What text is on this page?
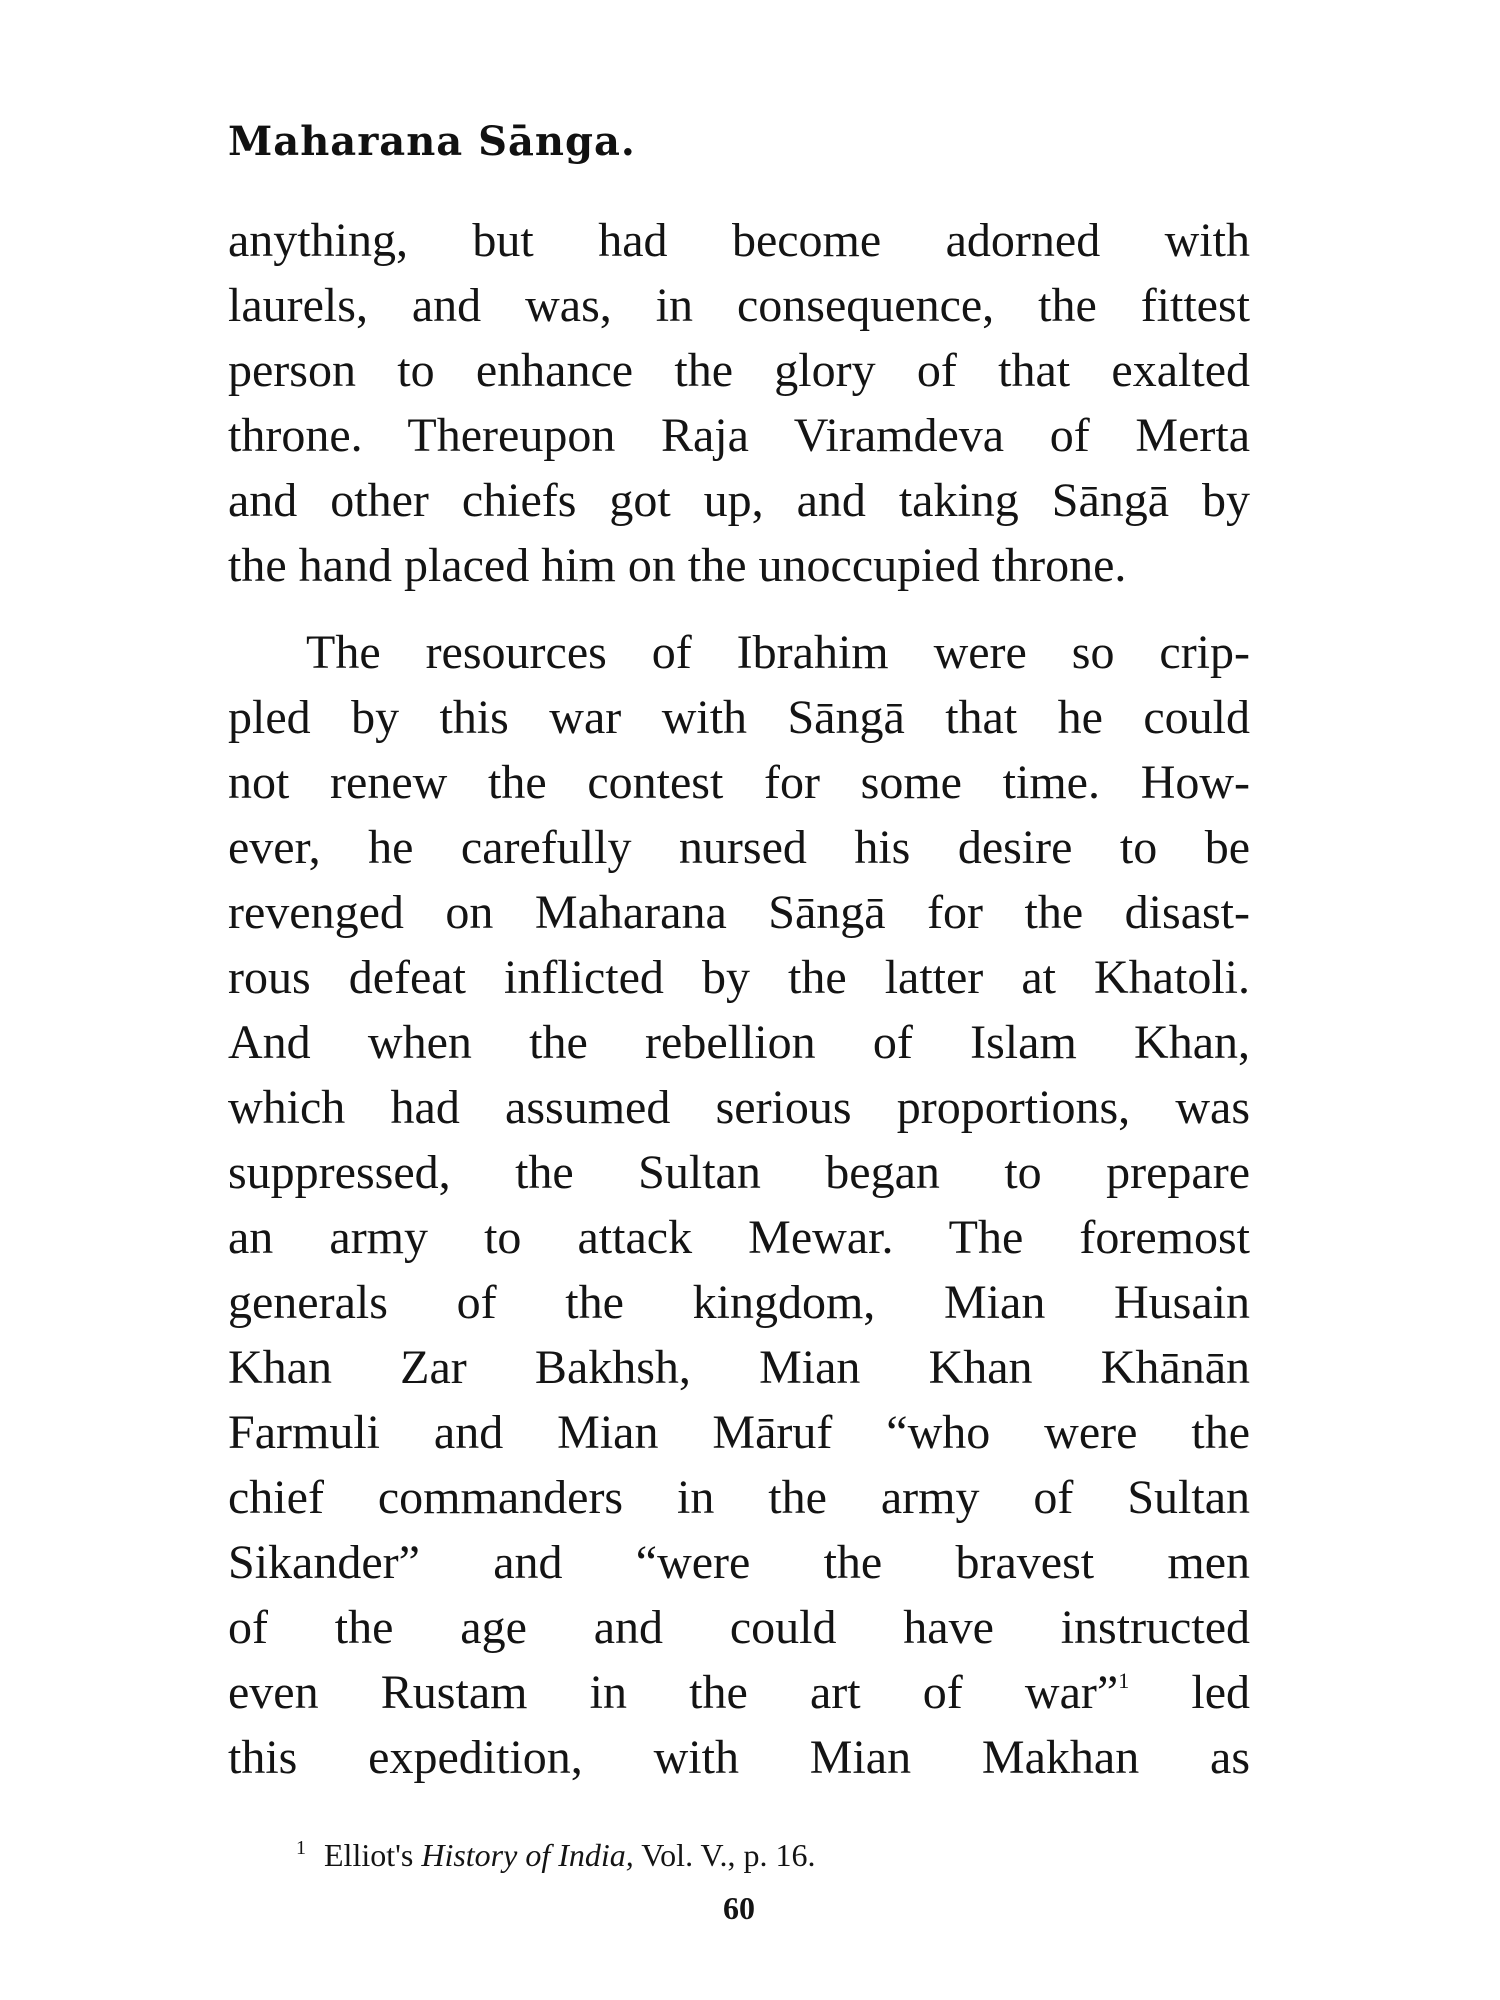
Maharana Sānga.
anything, but had become adorned with
laurels, and was, in consequence, the fittest
person to enhance the glory of that exalted
throne. Thereupon Raja Viramdeva of Merta
and other chiefs got up, and taking Sāngā by
the hand placed him on the unoccupied throne.
The resources of Ibrahim were so crip-
pled by this war with Sāngā that he could
not renew the contest for some time. How-
ever, he carefully nursed his desire to be
revenged on Maharana Sāngā for the disast-
rous defeat inflicted by the latter at Khatoli.
And when the rebellion of Islam Khan,
which had assumed serious proportions, was
suppressed, the Sultan began to prepare
an army to attack Mewar. The foremost
generals of the kingdom, Mian Husain
Khan Zar Bakhsh, Mian Khan Khānān
Farmuli and Mian Māruf “who were the
chief commanders in the army of Sultan
Sikander” and “were the bravest men
of the age and could have instructed
even Rustam in the art of war”$^1$ led
this expedition, with Mian Makhan as
$^1$ Elliot's History of India, Vol. V., p. 16.
60
